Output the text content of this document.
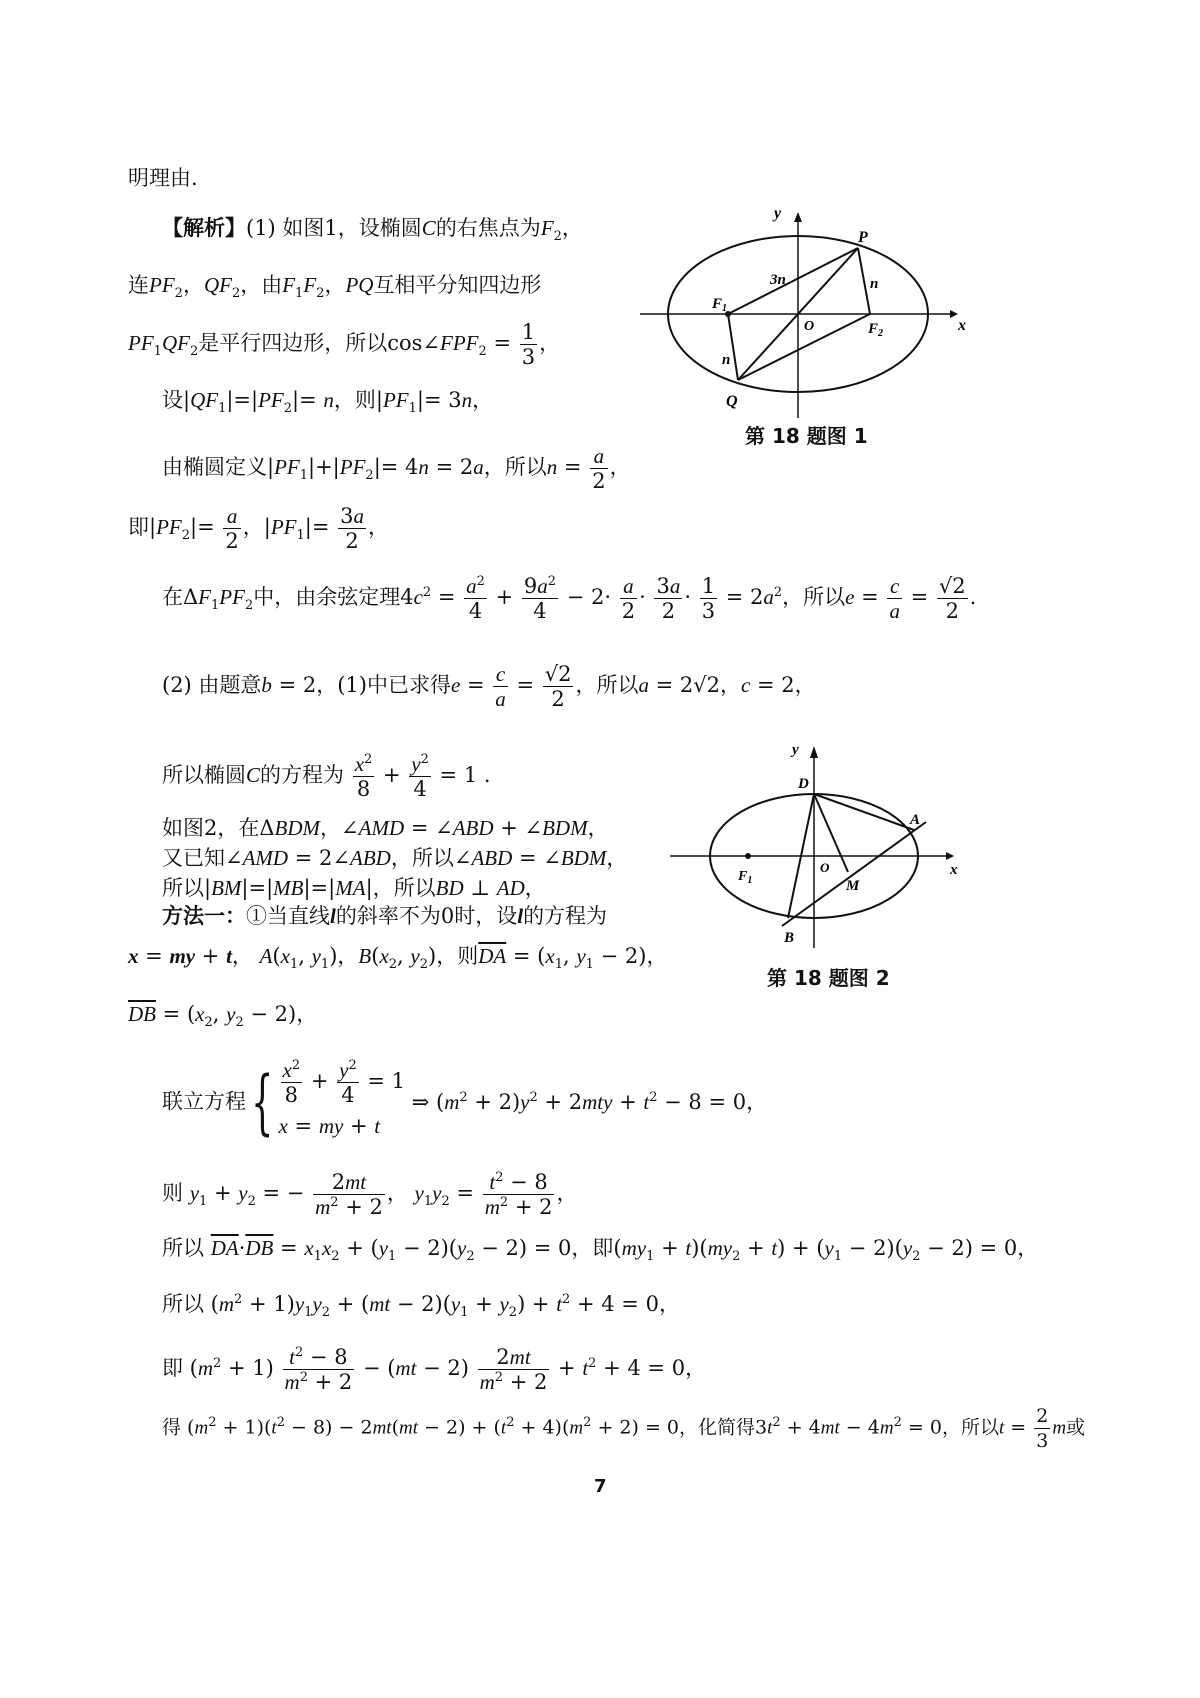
明理由.
【解析】(1) 如图1，设椭圆C的右焦点为$F_2$，
连$PF_2$，$QF_2$，由$F_1F_2$，PQ互相平分知四边形
$PF_1QF_2$是平行四边形，所以$\cos\angle FPF_2 = \frac{1}{3}$ ，
设$|QF_1|=|PF_2|= n$，则$|PF_1|= 3n$，
由椭圆定义$|PF_1|+|PF_2|= 4n = 2a$，所以$n = \frac{a}{2}$ ，
即$|PF_2|= \frac{a}{2}$ ，$|PF_1|= \frac{3a}{2}$ ，
在$\Delta F_1PF_2$中，由余弦定理$4c^2 = \frac{a^2}{4} + \frac{9a^2}{4} - 2\cdot \frac{a}{2} \cdot \frac{3a}{2} \cdot \frac{1}{3} = 2a^2$，所以$e = \frac{c}{a} = \frac{√2}{2}$ .
(2) 由题意b = 2，(1)中已求得$e = \frac{c}{a} = \frac{√2}{2}$ ，所以a = 2√2，c = 2，
所以椭圆C的方程为 $\frac{x^2}{8} + \frac{y^2}{4} = 1$ .
如图2，在ΔBDM，∠AMD = ∠ABD + ∠BDM，
又已知∠AMD = 2∠ABD，所以∠ABD = ∠BDM，
所以|BM|=|MB|=|MA|，所以BD ⊥ AD，
方法一：①当直线l的斜率不为0时，设l的方程为
x = my + t， $A(x_1$, $y_1$)，$B(x_2$, $y_2$)，则$\overline{DA} = (x_1$, $y_1 - 2$)，
$\overline{DB} = (x_2$, $y_2 - 2$)，
联立方程{ $\frac{x^2}{8} + \frac{y^2}{4} = 1$
x = my + t
⇒ $(m^2 + 2)y^2 + 2mty + t^2 - 8 = 0$，
则 $y_1 + y_2$ = − $\frac{2mt}{m^2 + 2}$ ， $y_1y_2 = \frac{t^2 - 8}{m^2 + 2}$ ，
所以 $\overline{DA}\cdot\overline{DB} = x_1x_2 + (y_1 - 2)(y_2 - 2) = 0$，即$(my_1 + t)(my_2 + t) + (y_1 - 2)(y_2 - 2) = 0$，
所以 $(m^2 + 1)y_1y_2 + (mt - 2)(y_1 + y_2) + t^2 + 4 = 0$，
即 $(m^2 + 1) \frac{t^2 - 8}{m^2 + 2} - (mt - 2) \frac{2mt}{m^2 + 2} + t^2 + 4 = 0$，
得 $(m^2 + 1)(t^2 - 8) - 2mt(mt - 2) + (t^2 + 4)(m^2 + 2) = 0$，化简得$3t^2 + 4mt - 4m^2 = 0$，所以$t = \frac{2}{3}$ m或
y
x
P
Q
O
$F_1$
$F_2$
3n	n
n
第 18 题图 1
y
x
D
A
B
M
O
$F_1$
第 18 题图 2
7
